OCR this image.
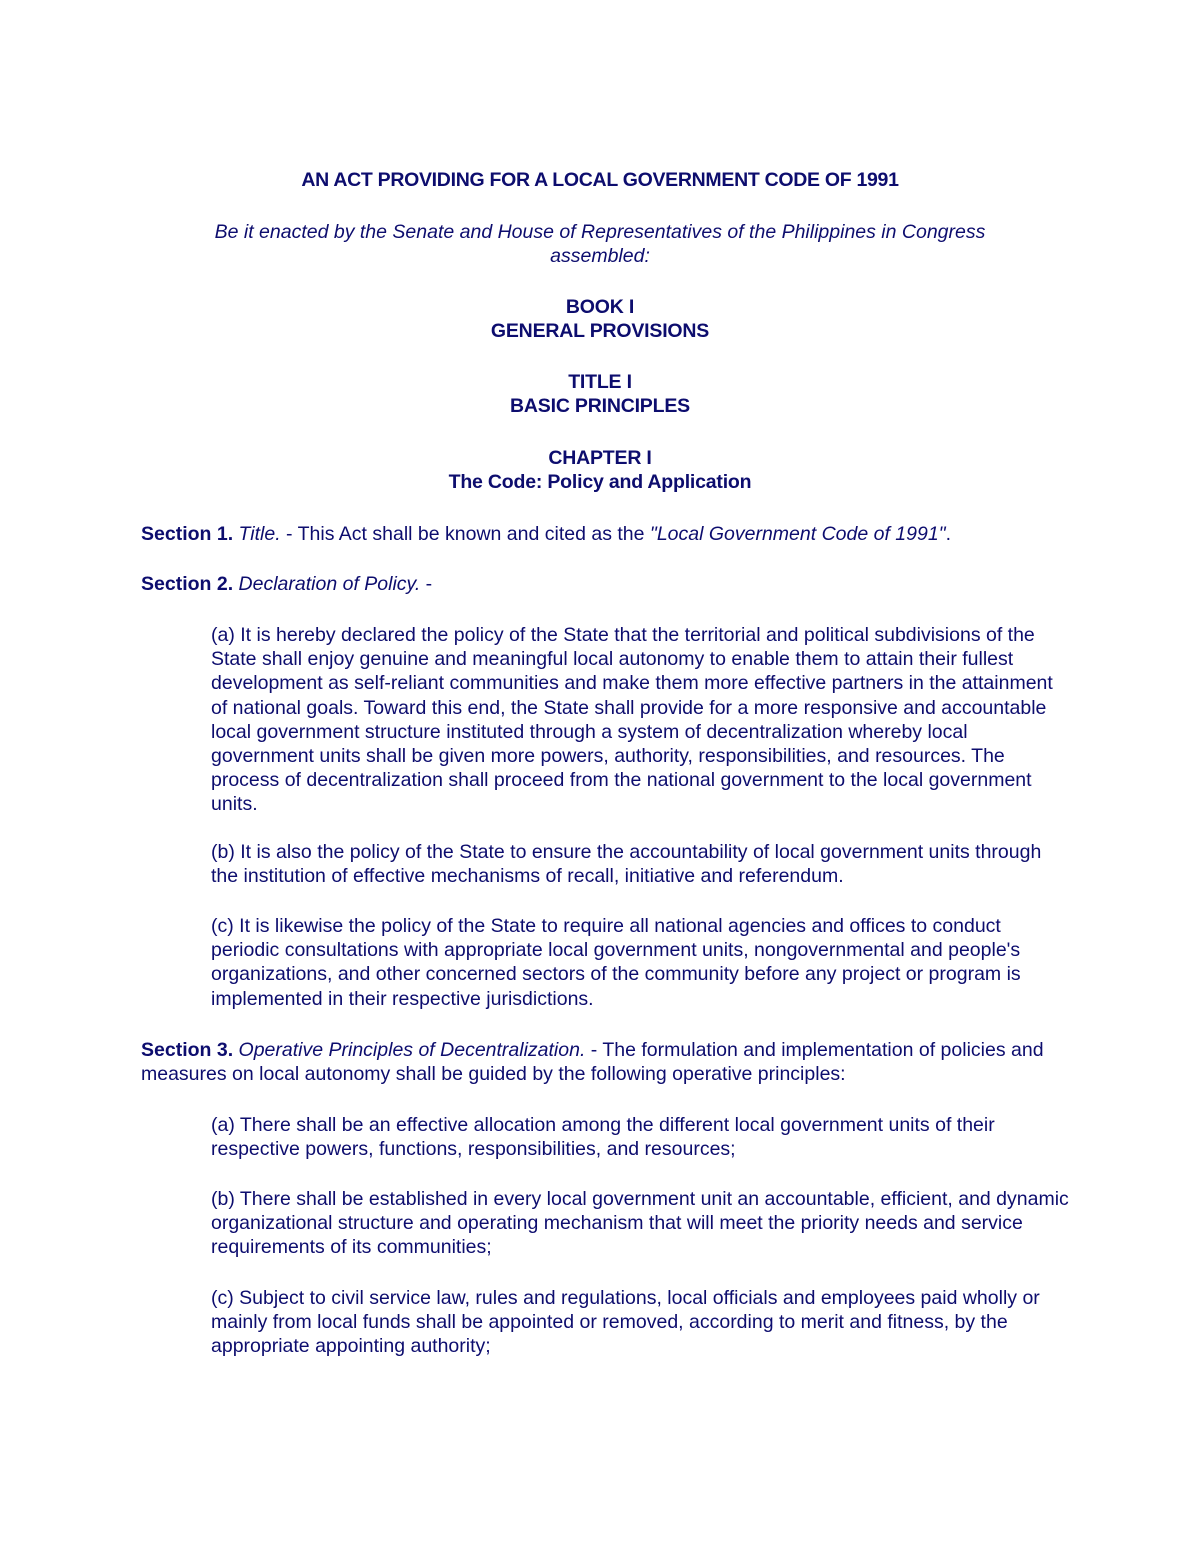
AN ACT PROVIDING FOR A LOCAL GOVERNMENT CODE OF 1991
Be it enacted by the Senate and House of Representatives of the Philippines in Congress assembled:
BOOK I
GENERAL PROVISIONS
TITLE I
BASIC PRINCIPLES
CHAPTER I
The Code: Policy and Application
Section 1. Title. - This Act shall be known and cited as the "Local Government Code of 1991".
Section 2. Declaration of Policy. -
(a) It is hereby declared the policy of the State that the territorial and political subdivisions of the State shall enjoy genuine and meaningful local autonomy to enable them to attain their fullest development as self-reliant communities and make them more effective partners in the attainment of national goals. Toward this end, the State shall provide for a more responsive and accountable local government structure instituted through a system of decentralization whereby local government units shall be given more powers, authority, responsibilities, and resources. The process of decentralization shall proceed from the national government to the local government units.
(b) It is also the policy of the State to ensure the accountability of local government units through the institution of effective mechanisms of recall, initiative and referendum.
(c) It is likewise the policy of the State to require all national agencies and offices to conduct periodic consultations with appropriate local government units, nongovernmental and people's organizations, and other concerned sectors of the community before any project or program is implemented in their respective jurisdictions.
Section 3. Operative Principles of Decentralization. - The formulation and implementation of policies and measures on local autonomy shall be guided by the following operative principles:
(a) There shall be an effective allocation among the different local government units of their respective powers, functions, responsibilities, and resources;
(b) There shall be established in every local government unit an accountable, efficient, and dynamic organizational structure and operating mechanism that will meet the priority needs and service requirements of its communities;
(c) Subject to civil service law, rules and regulations, local officials and employees paid wholly or mainly from local funds shall be appointed or removed, according to merit and fitness, by the appropriate appointing authority;
